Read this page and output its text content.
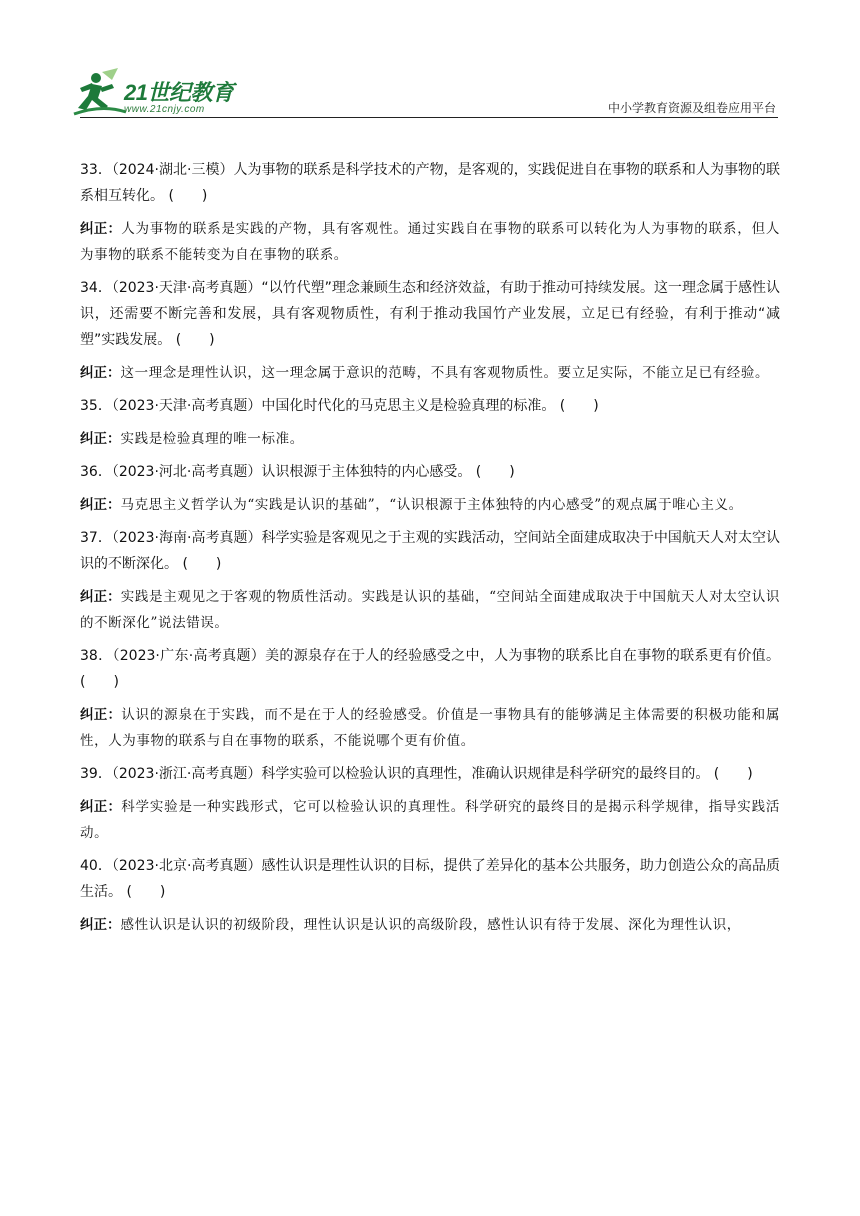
21世纪教育
www.21cnjy.com	中小学教育资源及组卷应用平台

33．（2024·湖北·三模）人为事物的联系是科学技术的产物，是客观的，实践促进自在事物的联系和人为事物的联系相互转化。 (　　)

纠正：人为事物的联系是实践的产物，具有客观性。通过实践自在事物的联系可以转化为人为事物的联系，但人为事物的联系不能转变为自在事物的联系。

34．（2023·天津·高考真题）“以竹代塑”理念兼顾生态和经济效益，有助于推动可持续发展。这一理念属于感性认识，还需要不断完善和发展，具有客观物质性，有利于推动我国竹产业发展，立足已有经验，有利于推动“减塑”实践发展。 (　　)

纠正：这一理念是理性认识，这一理念属于意识的范畴，不具有客观物质性。要立足实际，不能立足已有经验。

35．（2023·天津·高考真题）中国化时代化的马克思主义是检验真理的标准。 (　　)

纠正：实践是检验真理的唯一标准。

36．（2023·河北·高考真题）认识根源于主体独特的内心感受。 (　　)

纠正：马克思主义哲学认为“实践是认识的基础”，“认识根源于主体独特的内心感受”的观点属于唯心主义。

37．（2023·海南·高考真题）科学实验是客观见之于主观的实践活动，空间站全面建成取决于中国航天人对太空认识的不断深化。 (　　)

纠正：实践是主观见之于客观的物质性活动。实践是认识的基础，“空间站全面建成取决于中国航天人对太空认识的不断深化”说法错误。

38．（2023·广东·高考真题）美的源泉存在于人的经验感受之中，人为事物的联系比自在事物的联系更有价值。 (　　)

纠正：认识的源泉在于实践，而不是在于人的经验感受。价值是一事物具有的能够满足主体需要的积极功能和属性，人为事物的联系与自在事物的联系，不能说哪个更有价值。

39．（2023·浙江·高考真题）科学实验可以检验认识的真理性，准确认识规律是科学研究的最终目的。 (　　)

纠正：科学实验是一种实践形式，它可以检验认识的真理性。科学研究的最终目的是揭示科学规律，指导实践活动。

40．（2023·北京·高考真题）感性认识是理性认识的目标，提供了差异化的基本公共服务，助力创造公众的高品质生活。 (　　)

纠正：感性认识是认识的初级阶段，理性认识是认识的高级阶段，感性认识有待于发展、深化为理性认识，
